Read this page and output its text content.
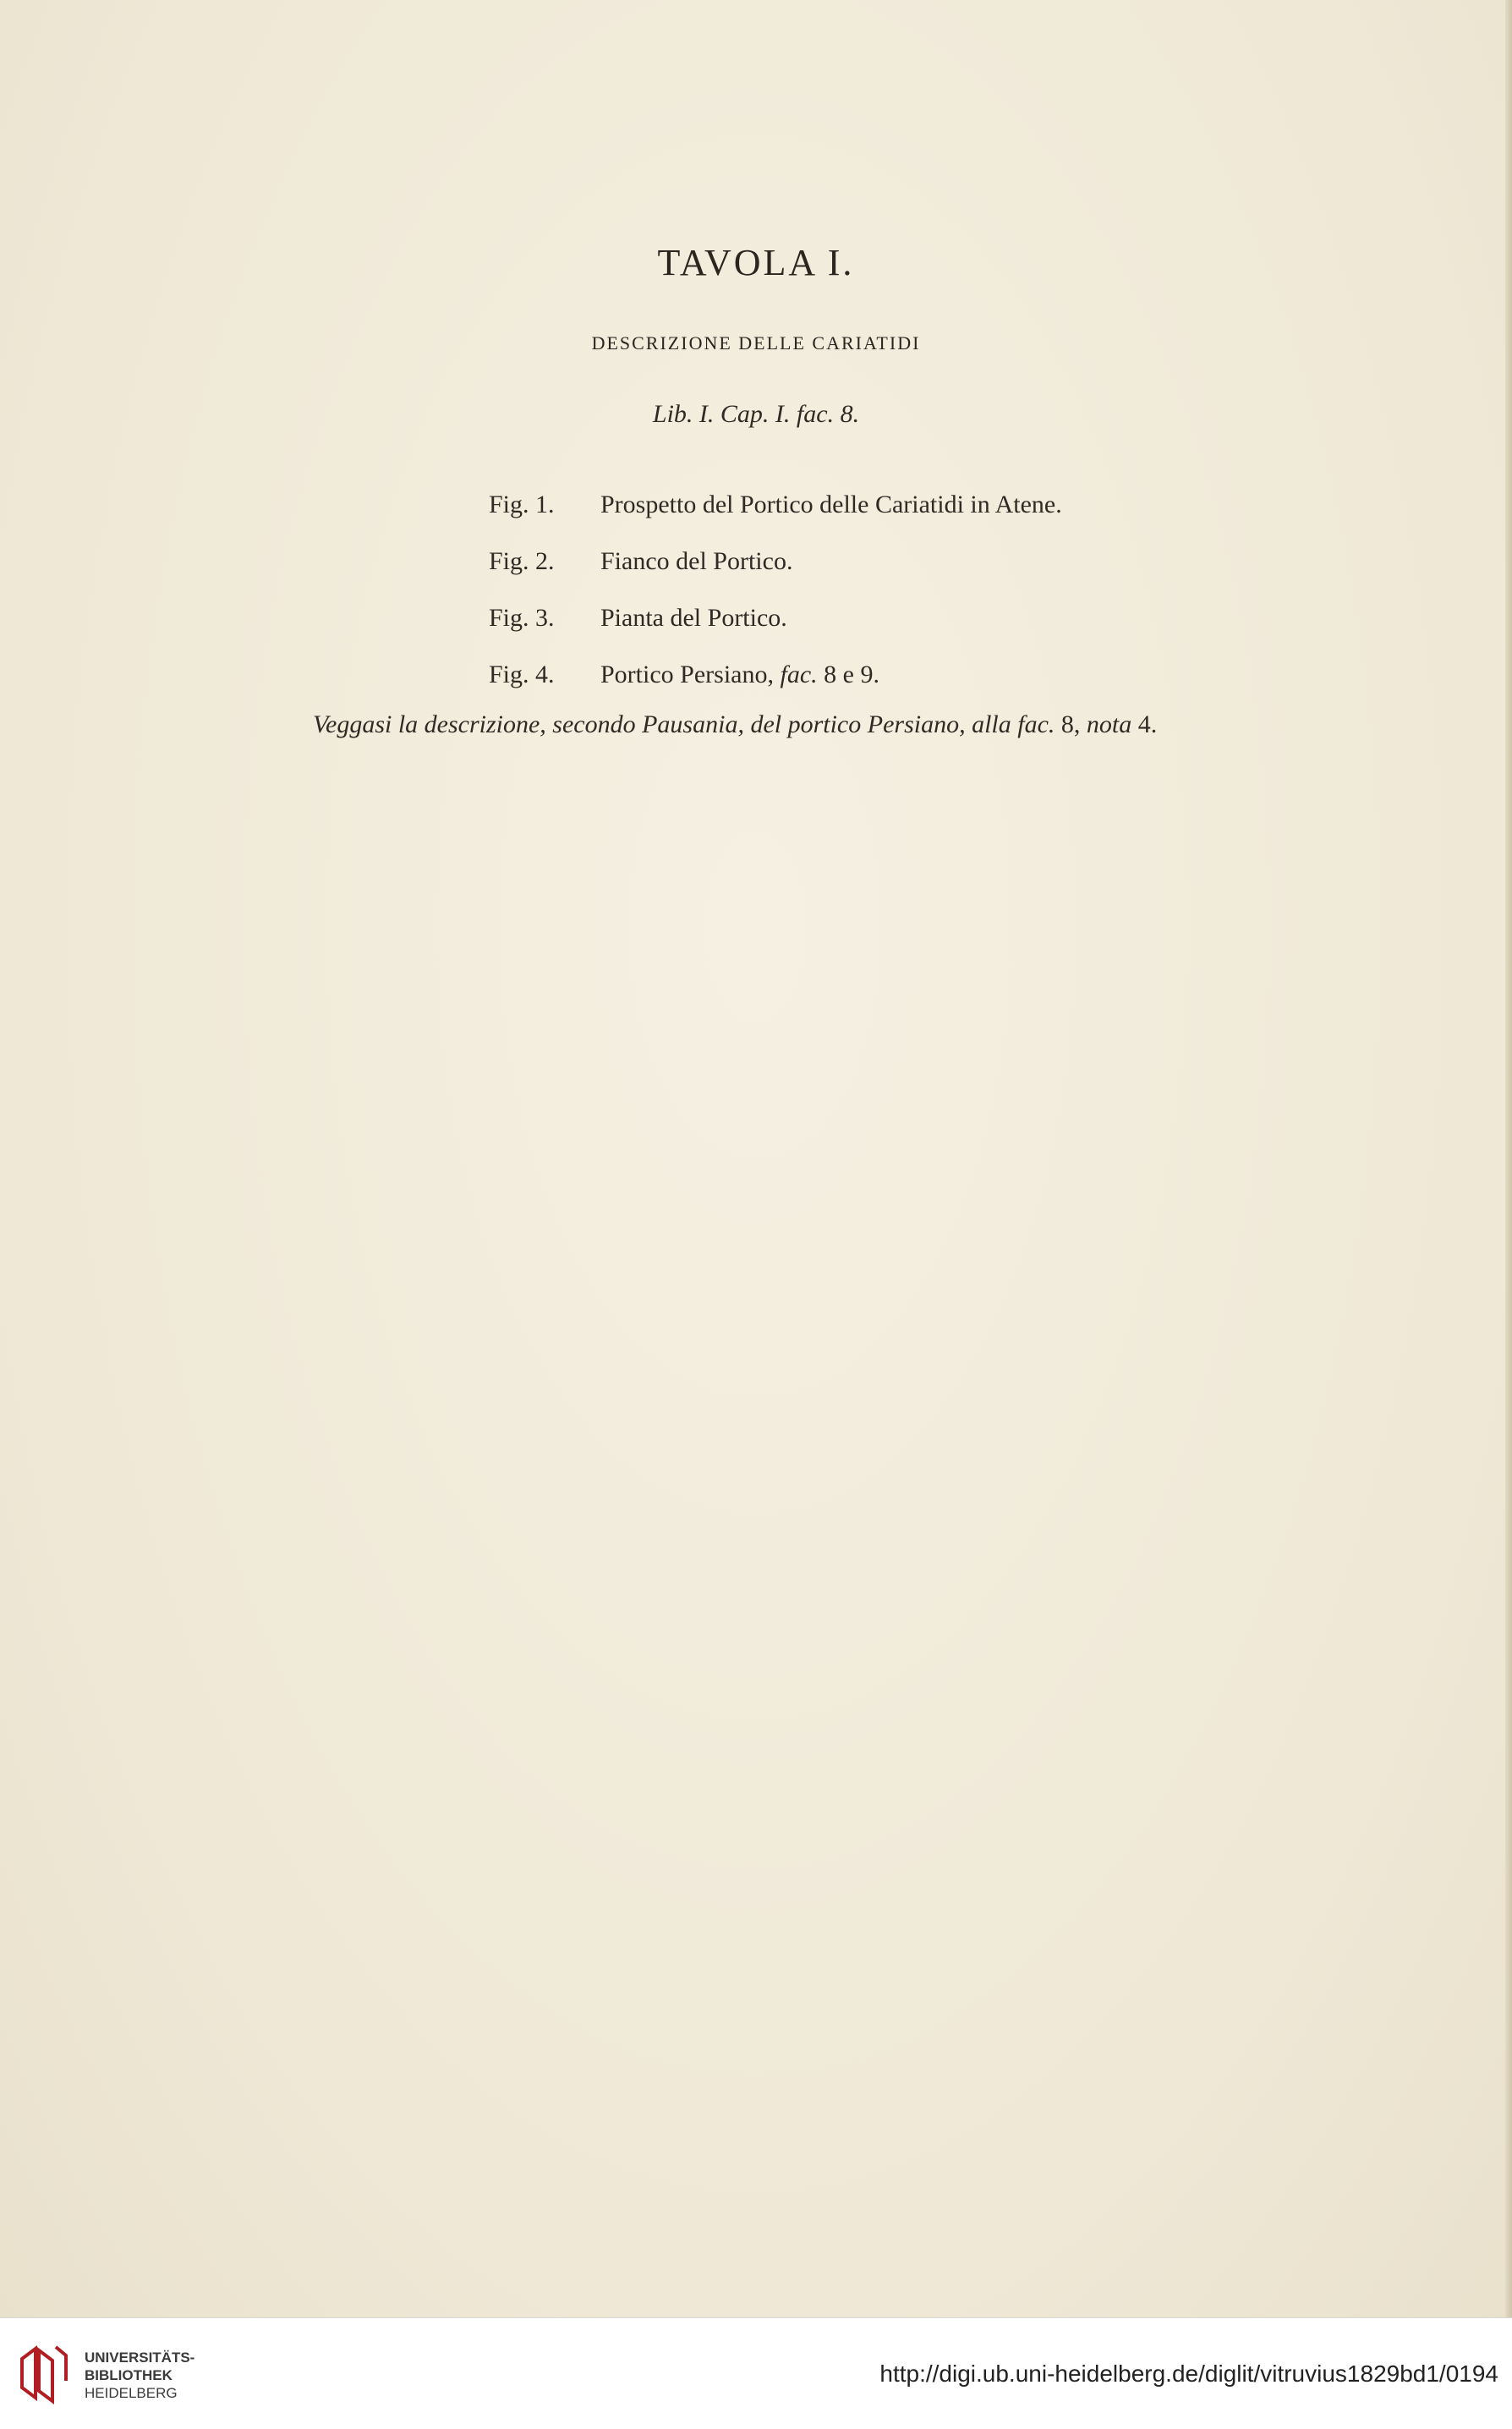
TAVOLA I.
DESCRIZIONE DELLE CARIATIDI
Lib. I. Cap. I. fac. 8.
Fig. 1.	Prospetto del Portico delle Cariatidi in Atene.
Fig. 2.	Fianco del Portico.
Fig. 3.	Pianta del Portico.
Fig. 4.	Portico Persiano, fac. 8 e 9.
Veggasi la descrizione, secondo Pausania, del portico Persiano, alla fac. 8, nota 4.
UNIVERSITÄTS-
BIBLIOTHEK
HEIDELBERG
http://digi.ub.uni-heidelberg.de/diglit/vitruvius1829bd1/0194
